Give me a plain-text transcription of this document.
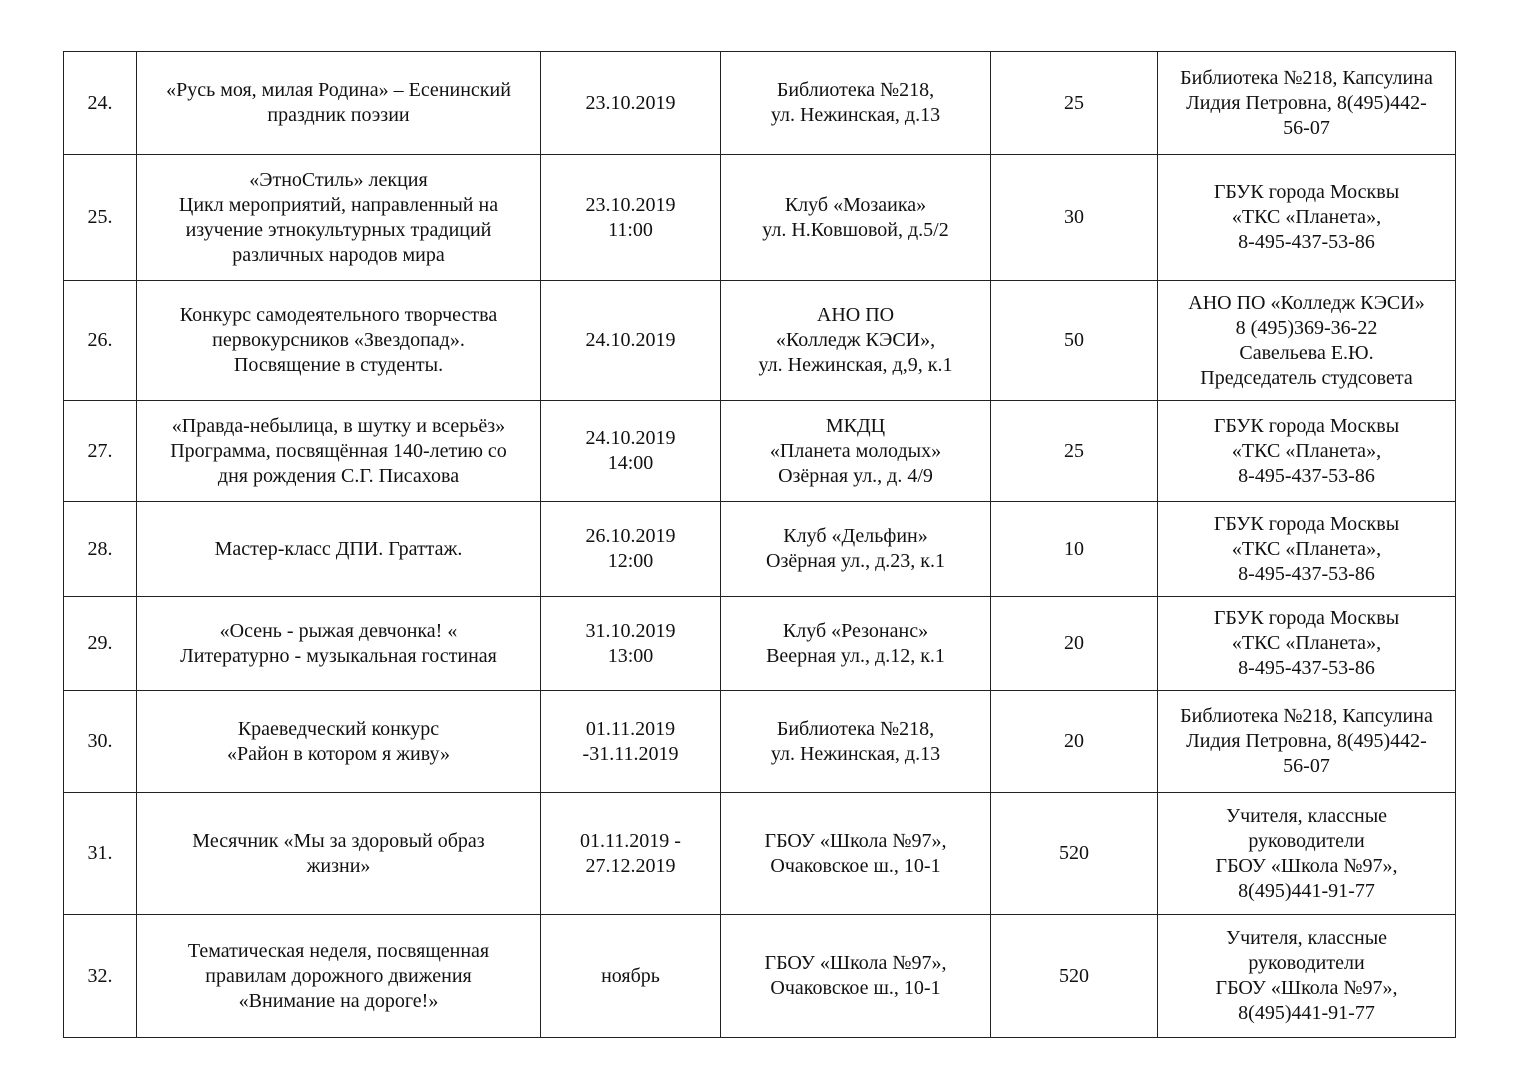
24.	«Русь моя, милая Родина» – Есенинский
праздник поэзии	23.10.2019	Библиотека №218,
ул. Нежинская, д.13	25	Библиотека №218, Капсулина
Лидия Петровна, 8(495)442-
56-07
25.	«ЭтноСтиль» лекция
Цикл мероприятий, направленный на
изучение этнокультурных традиций
различных народов мира	23.10.2019
11:00	Клуб «Мозаика»
ул. Н.Ковшовой, д.5/2	30	ГБУК города Москвы
«ТКС «Планета»,
8-495-437-53-86
26.	Конкурс самодеятельного творчества
первокурсников «Звездопад».
Посвящение в студенты.	24.10.2019	АНО ПО
«Колледж КЭСИ»,
ул. Нежинская, д,9, к.1	50	АНО ПО «Колледж КЭСИ»
8 (495)369-36-22
Савельева Е.Ю.
Председатель студсовета
27.	«Правда-небылица, в шутку и всерьёз»
Программа, посвящённая 140-летию со
дня рождения С.Г. Писахова	24.10.2019
14:00	МКДЦ
«Планета молодых»
Озёрная ул., д. 4/9	25	ГБУК города Москвы
«ТКС «Планета»,
8-495-437-53-86
28.	Мастер-класс ДПИ. Граттаж.	26.10.2019
12:00	Клуб «Дельфин»
Озёрная ул., д.23, к.1	10	ГБУК города Москвы
«ТКС «Планета»,
8-495-437-53-86
29.	«Осень - рыжая девчонка! «
Литературно - музыкальная гостиная	31.10.2019
13:00	Клуб «Резонанс»
Веерная ул., д.12, к.1	20	ГБУК города Москвы
«ТКС «Планета»,
8-495-437-53-86
30.	Краеведческий конкурс
«Район в котором я живу»	01.11.2019
-31.11.2019	Библиотека №218,
ул. Нежинская, д.13	20	Библиотека №218, Капсулина
Лидия Петровна, 8(495)442-
56-07
31.	Месячник «Мы за здоровый образ
жизни»	01.11.2019 -
27.12.2019	ГБОУ «Школа №97»,
Очаковское ш., 10-1	520	Учителя, классные
руководители
ГБОУ «Школа №97»,
8(495)441-91-77
32.	Тематическая неделя, посвященная
правилам дорожного движения
«Внимание на дороге!»	ноябрь	ГБОУ «Школа №97»,
Очаковское ш., 10-1	520	Учителя, классные
руководители
ГБОУ «Школа №97»,
8(495)441-91-77
